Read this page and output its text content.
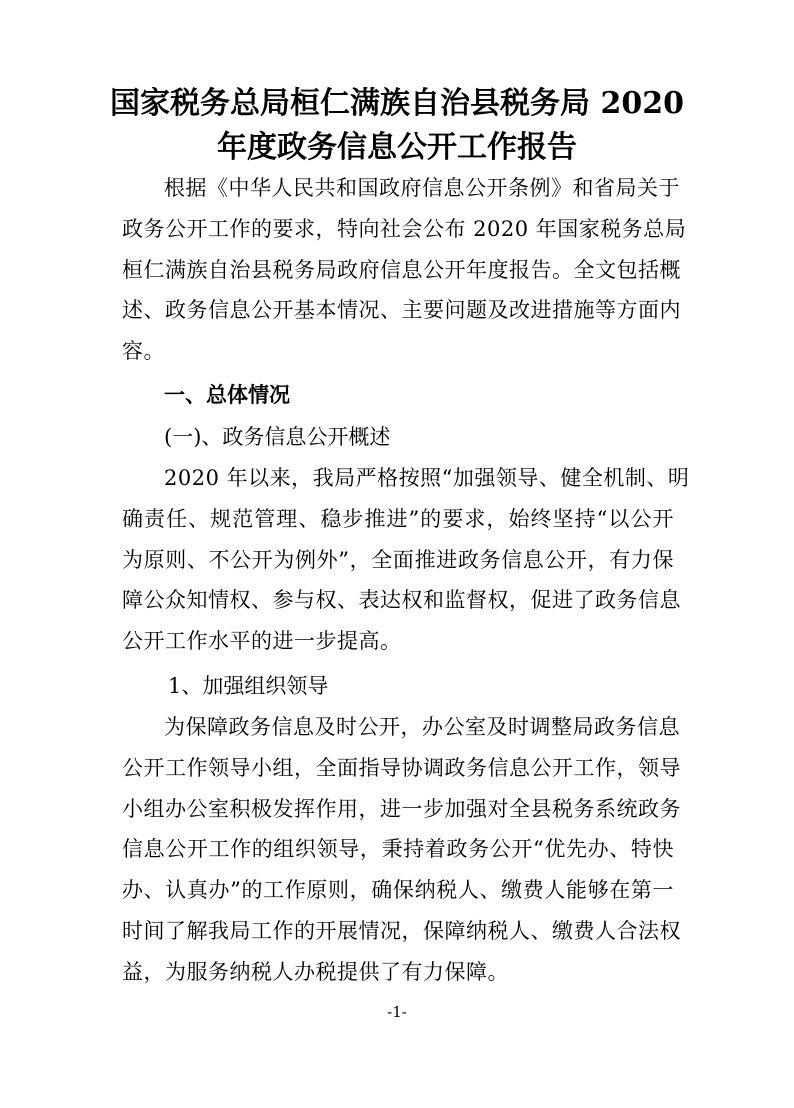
国家税务总局桓仁满族自治县税务局 2020
年度政务信息公开工作报告
根据《中华人民共和国政府信息公开条例》和省局关于
政务公开工作的要求，特向社会公布 2020 年国家税务总局
桓仁满族自治县税务局政府信息公开年度报告。全文包括概
述、政务信息公开基本情况、主要问题及改进措施等方面内
容。
一、总体情况
(一)、政务信息公开概述
2020 年以来，我局严格按照“加强领导、健全机制、明
确责任、规范管理、稳步推进”的要求，始终坚持“以公开
为原则、不公开为例外”，全面推进政务信息公开，有力保
障公众知情权、参与权、表达权和监督权，促进了政务信息
公开工作水平的进一步提高。
1、加强组织领导
为保障政务信息及时公开，办公室及时调整局政务信息
公开工作领导小组，全面指导协调政务信息公开工作，领导
小组办公室积极发挥作用，进一步加强对全县税务系统政务
信息公开工作的组织领导，秉持着政务公开“优先办、特快
办、认真办”的工作原则，确保纳税人、缴费人能够在第一
时间了解我局工作的开展情况，保障纳税人、缴费人合法权
益，为服务纳税人办税提供了有力保障。
-1-
